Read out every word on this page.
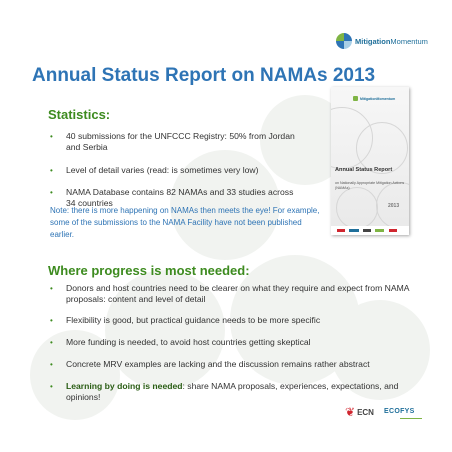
MitigationMomentum
Annual Status Report on NAMAs 2013
Statistics:
• 40 submissions for the UNFCCC Registry: 50% from Jordan and Serbia
• Level of detail varies (read: is sometimes very low)
• NAMA Database contains 82 NAMAs and 33 studies across 34 countries

Note: there is more happening on NAMAs then meets the eye! For example, some of the submissions to the NAMA Facility have not been published earlier.

MitigationMomentum
Annual Status Report
on Nationally Appropriate Mitigation Actions (NAMAs)
2013
Where progress is most needed:
• Donors and host countries need to be clearer on what they require and expect from NAMA proposals: content and level of detail
• Flexibility is good, but practical guidance needs to be more specific
• More funding is needed, to avoid host countries getting skeptical
• Concrete MRV examples are lacking and the discussion remains rather abstract
• Learning by doing is needed: share NAMA proposals, experiences, expectations, and opinions!
❦ ECN ECOFYS
